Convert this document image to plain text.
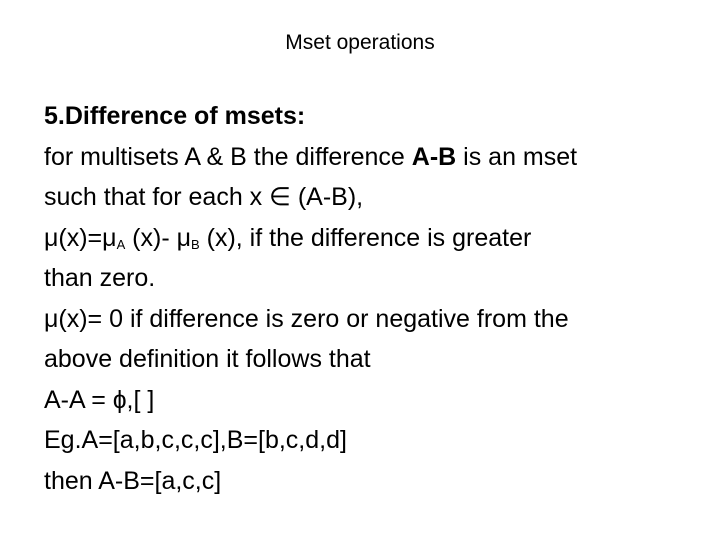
Mset operations
5.Difference of msets:
for multisets A & B the difference A-B is an mset
such that for each x ∈ (A-B),
$\mu(x)=\mu_A$ (x)- $\mu_B$ (x), if the difference is greater
than zero.
μ(x)= 0 if difference is zero or negative from the
above definition it follows that
A-A = ɸ,[ ]
Eg.A=[a,b,c,c,c],B=[b,c,d,d]
then A-B=[a,c,c]
